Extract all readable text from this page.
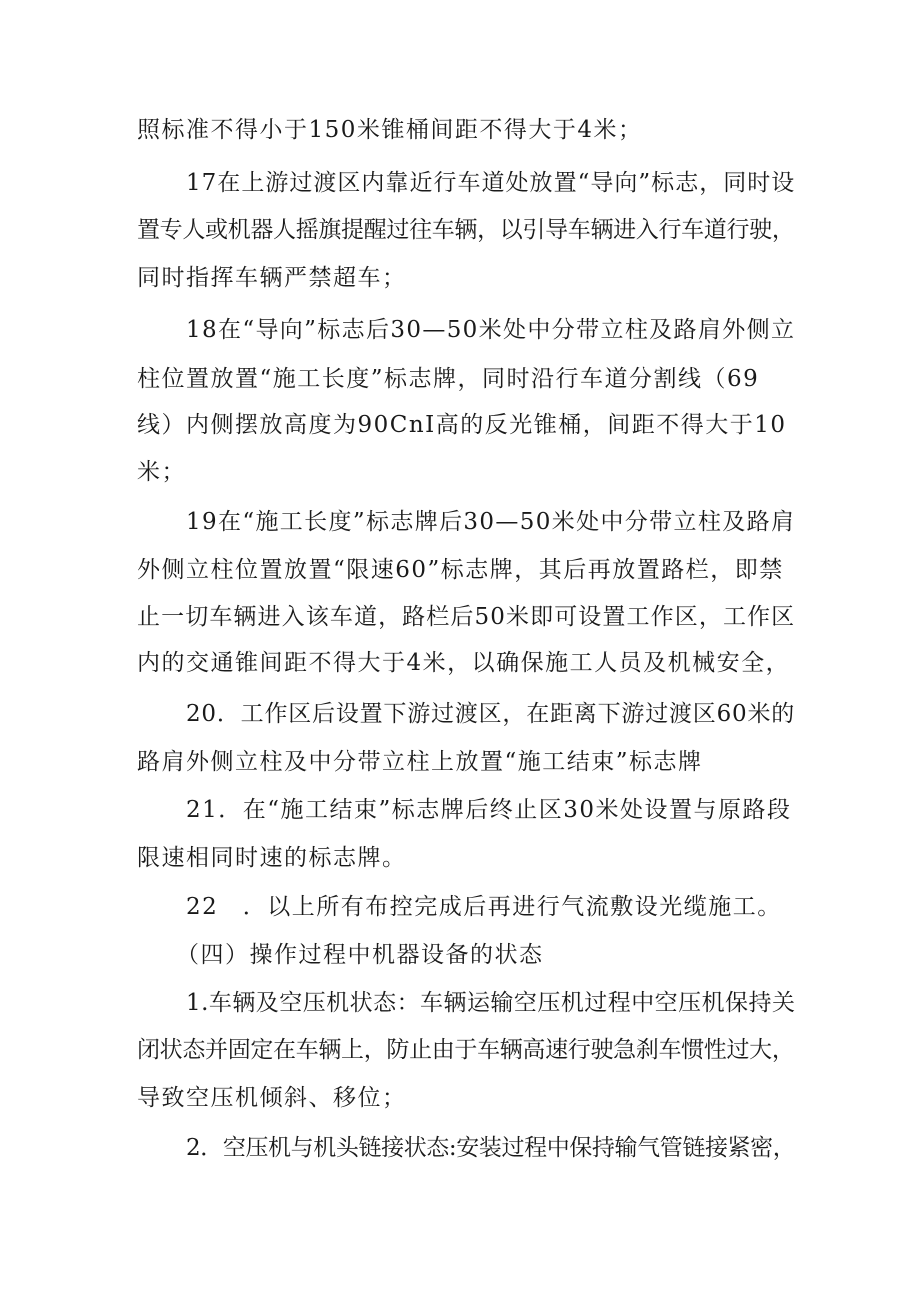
照标准不得小于150米锥桶间距不得大于4米；
17在上游过渡区内靠近行车道处放置“导向”标志，同时设
置专人或机器人摇旗提醒过往车辆，以引导车辆进入行车道行驶，
同时指挥车辆严禁超车；
18在“导向”标志后30—50米处中分带立柱及路肩外侧立
柱位置放置“施工长度”标志牌，同时沿行车道分割线（69
线）内侧摆放高度为90CnI高的反光锥桶，间距不得大于10
米；
19在“施工长度”标志牌后30—50米处中分带立柱及路肩
外侧立柱位置放置“限速60”标志牌，其后再放置路栏，即禁
止一切车辆进入该车道，路栏后50米即可设置工作区，工作区
内的交通锥间距不得大于4米，以确保施工人员及机械安全，
20．工作区后设置下游过渡区，在距离下游过渡区60米的
路肩外侧立柱及中分带立柱上放置“施工结束”标志牌
21．在“施工结束”标志牌后终止区30米处设置与原路段
限速相同时速的标志牌。
22　．以上所有布控完成后再进行气流敷设光缆施工。
（四）操作过程中机器设备的状态
1.车辆及空压机状态：车辆运输空压机过程中空压机保持关
闭状态并固定在车辆上，防止由于车辆高速行驶急刹车惯性过大，
导致空压机倾斜、移位；
2．空压机与机头链接状态:安装过程中保持输气管链接紧密，
